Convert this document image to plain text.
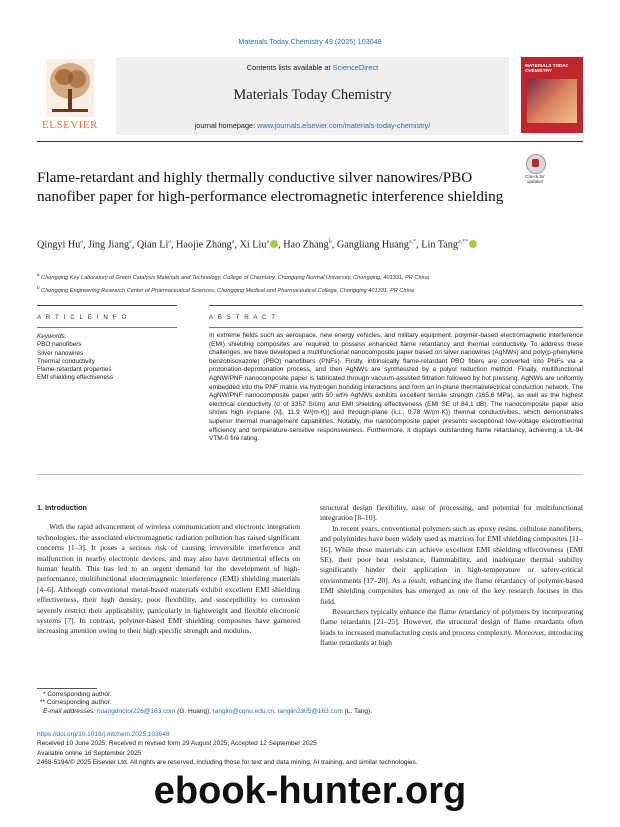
Materials Today Chemistry 49 (2025) 103048
ELSEVIER
Contents lists available at ScienceDirect
Materials Today Chemistry
journal homepage: www.journals.elsevier.com/materials-today-chemistry/
MATERIALS TODAY CHEMISTRY
Flame-retardant and highly thermally conductive silver nanowires/PBO nanofiber paper for high-performance electromagnetic interference shielding
Check for updates
Qingyi Hu$^a$, Jing Jiang$^a$, Qian Li$^a$, Haojie Zhang$^a$, Xi Liu$^a$ , Hao Zhang$^b$, Gangliang Huang$^{a,*}$, Lin Tang$^{a,**}$
$^a$ Chongqing Key Laboratory of Green Catalysis Materials and Technology, College of Chemistry, Chongqing Normal University, Chongqing, 401331, PR China
$^b$ Chongqing Engineering Research Center of Pharmaceutical Sciences, Chongqing Medical and Pharmaceutical College, Chongqing 401331, PR China
A R T I C L E I N F O	A B S T R A C T
Keywords:
PBO nanofibers
Silver nanowires
Thermal conductivity
Flame-retardant properties
EMI shielding effectiveness
In extreme fields such as aerospace, new energy vehicles, and military equipment, polymer-based electromagnetic interference (EMI) shielding composites are required to possess enhanced flame retardancy and thermal conductivity. To address these challenges, we have developed a multifunctional nanocomposite paper based on silver nanowires (AgNWs) and poly(p-phenylene benzobisoxazole) (PBO) nanofibers (PNFs). Firstly, intrinsically flame-retardant PBO fibers are converted into PNFs via a protonation-deprotonation process, and then AgNWs are synthesized by a polyol reduction method. Finally, multifunctional AgNW/PNF nanocomposite paper is fabricated through vacuum-assisted filtration followed by hot pressing. AgNWs are uniformly embedded into the PNF matrix via hydrogen bonding interactions and form an in-plane thermal/electrical conduction network. The AgNW/PNF nanocomposite paper with 50 wt% AgNWs exhibits excellent tensile strength (165.6 MPa), as well as the highest electrical conductivity (σ of 3357 S/cm) and EMI shielding effectiveness (EMI SE of 84.1 dB). The nanocomposite paper also shows high in-plane (λ∥, 11.9 W/(m·K)) and through-plane (λ⊥, 0.78 W/(m·K)) thermal conductivities, which demonstrates superior thermal management capabilities. Notably, the nanocomposite paper presents exceptional low-voltage electrothermal efficiency and temperature-sensitive responsiveness. Furthermore, it displays outstanding flame retardancy, achieving a UL-94 VTM-0 fire rating.

1. Introduction

With the rapid advancement of wireless communication and electronic integration technologies, the associated electromagnetic radiation pollution has raised significant concerns [1–3]. It poses a serious risk of causing irreversible interference and malfunction in nearby electronic devices, and may also have detrimental effects on human health. This has led to an urgent demand for the development of high-performance, multifunctional electromagnetic interference (EMI) shielding materials [4–6]. Although conventional metal-based materials exhibit excellent EMI shielding effectiveness, their high density, poor flexibility, and susceptibility to corrosion severely restrict their applicability, particularly in lightweight and flexible electronic systems [7]. In contrast, polymer-based EMI shielding composites have garnered increasing attention owing to their high specific strength and modulus,

structural design flexibility, ease of processing, and potential for multifunctional integration [8–10].

In recent years, conventional polymers such as epoxy resins, cellulose nanofibers, and polyimides have been widely used as matrices for EMI shielding composites [11–16]. While these materials can achieve excellent EMI shielding effectiveness (EMI SE), their poor heat resistance, flammability, and inadequate thermal stability significantly hinder their application in high-temperature or safety-critical environments [17–20]. As a result, enhancing the flame retardancy of polymer-based EMI shielding composites has emerged as one of the key research focuses in this field.

Researchers typically enhance the flame retardancy of polymers by incorporating flame retardants [21–25]. However, the structural design of flame retardants often leads to increased manufacturing costs and process complexity. Moreover, introducing flame retardants at high

* Corresponding author.
** Corresponding author.
E-mail addresses: huangdoctor226@163.com (G. Huang), tanglin@cqnu.edu.cn, tanglin2305@163.com (L. Tang).
https://doi.org/10.1016/j.mtchem.2025.103048
Received 10 June 2025; Received in revised form 29 August 2025; Accepted 12 September 2025
Available online 16 September 2025
2468-5194/© 2025 Elsevier Ltd. All rights are reserved, including those for text and data mining, AI training, and similar technologies.
ebook-hunter.org
